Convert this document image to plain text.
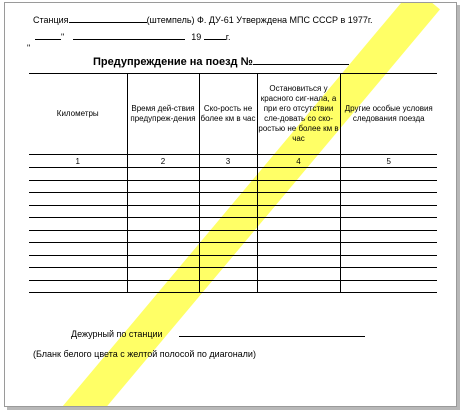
Станция	(штемпель) Ф. ДУ-61 Утверждена МПС СССР в 1977г.
"	19	г.
"
Предупреждение на поезд №
Километры	Время дей-ствия предупреж-дения	Ско-рость не более км в час	Остановиться у красного сиг-нала, а при его отсутствии сле-довать со ско-ростью не более км в час	Другие особые условия следования поезда
1	2	3	4	5

Дежурный по станции
(Бланк белого цвета с желтой полосой по диагонали)
